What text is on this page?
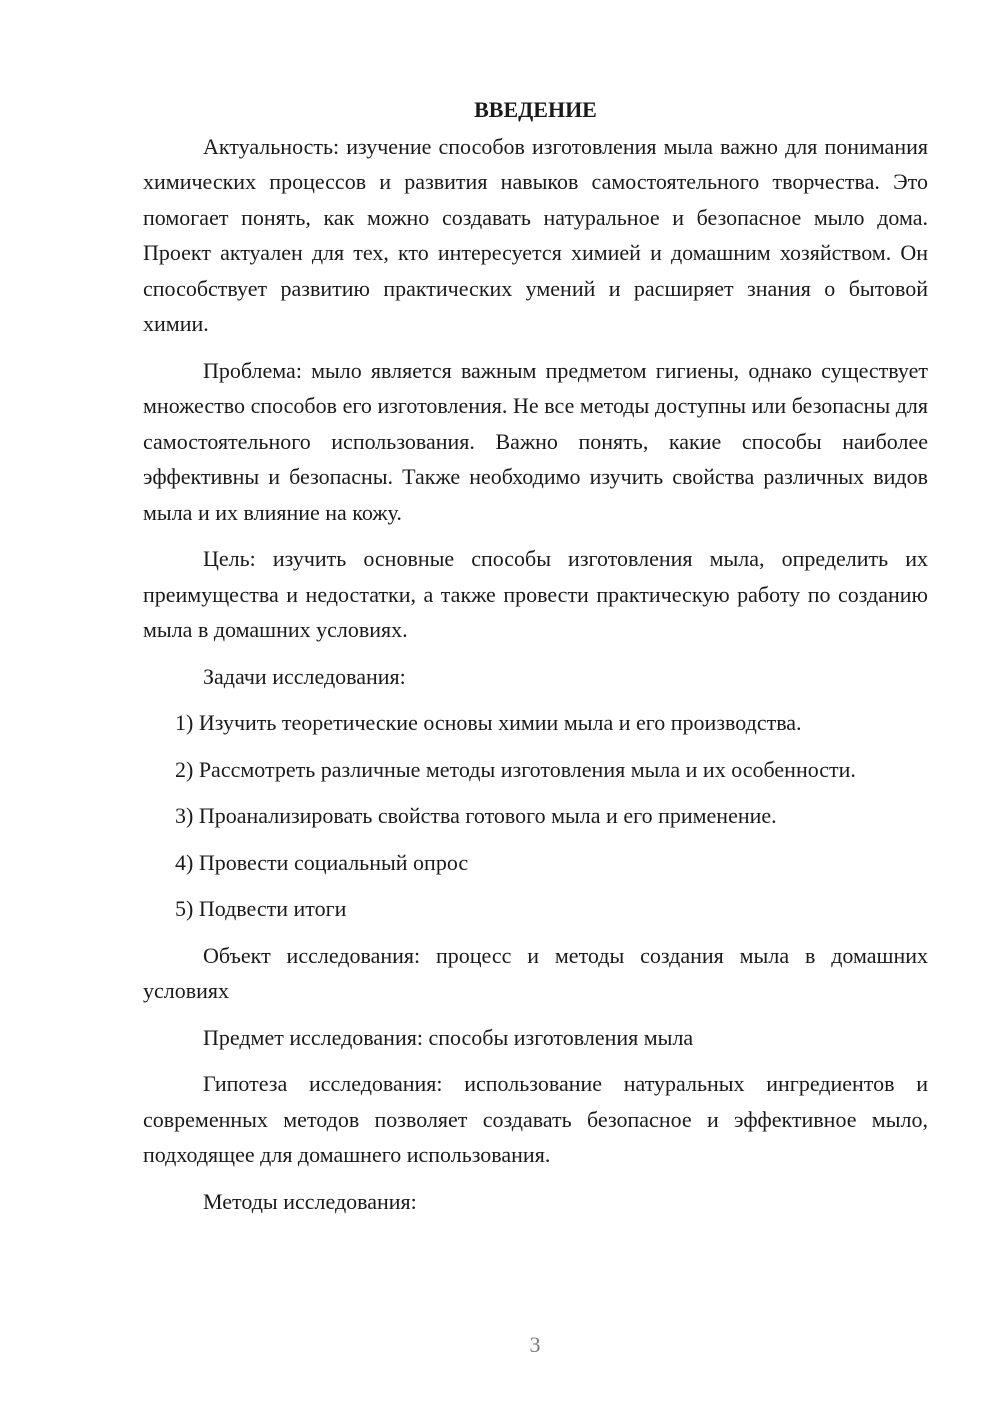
ВВЕДЕНИЕ

Актуальность: изучение способов изготовления мыла важно для понимания химических процессов и развития навыков самостоятельного творчества. Это помогает понять, как можно создавать натуральное и безопасное мыло дома. Проект актуален для тех, кто интересуется химией и домашним хозяйством. Он способствует развитию практических умений и расширяет знания о бытовой химии.

Проблема: мыло является важным предметом гигиены, однако существует множество способов его изготовления. Не все методы доступны или безопасны для самостоятельного использования. Важно понять, какие способы наиболее эффективны и безопасны. Также необходимо изучить свойства различных видов мыла и их влияние на кожу.

Цель: изучить основные способы изготовления мыла, определить их преимущества и недостатки, а также провести практическую работу по созданию мыла в домашних условиях.

Задачи исследования:

1) Изучить теоретические основы химии мыла и его производства.

2) Рассмотреть различные методы изготовления мыла и их особенности.

3) Проанализировать свойства готового мыла и его применение.

4) Провести социальный опрос

5) Подвести итоги

Объект исследования: процесс и методы создания мыла в домашних условиях

Предмет исследования: способы изготовления мыла

Гипотеза исследования: использование натуральных ингредиентов и современных методов позволяет создавать безопасное и эффективное мыло, подходящее для домашнего использования.

Методы исследования:

3
